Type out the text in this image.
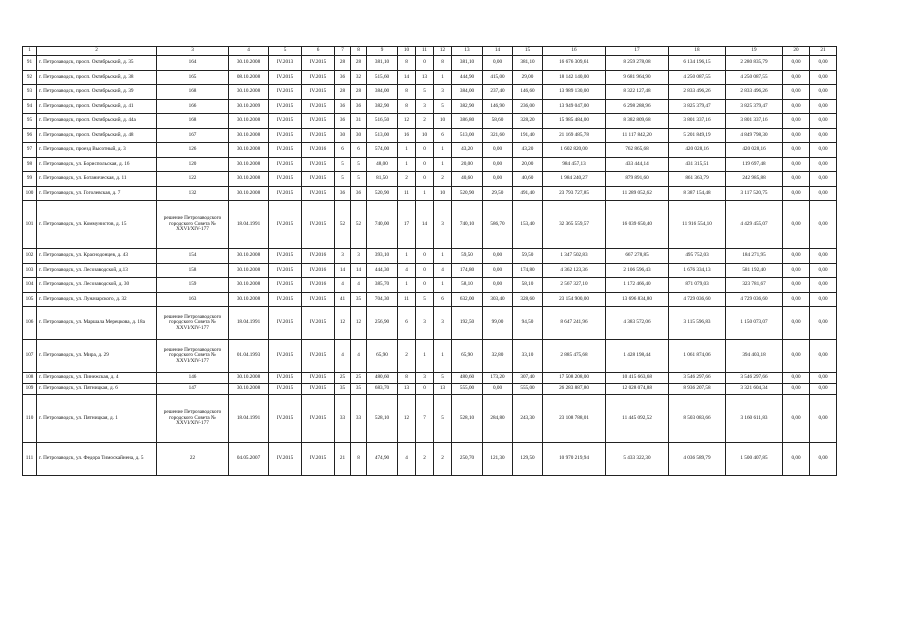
1	2	3	4	5	6	7	8	9	10	11	12	13	14	15	16	17	18	19	20	21
91	г. Петрозаводск, просп. Октябрьский, д. 35	164	30.10.2008	IV.2013	IV.2015	28	28	381,10	8	0	8	381,10	0,00	381,10	16 676 309,61	8 259 278,08	6 134 196,15	2 280 835,79	0,00	0,00
92	г. Петрозаводск, просп. Октябрьский, д. 38	165	08.10.2008	IV.2015	IV.2015	36	32	515,60	14	13	1	444,90	415,00	29,00	18 142 140,00	9 681 964,90	4 250 087,55	4 250 087,55	0,00	0,00
93	г. Петрозаводск, просп. Октябрьский, д. 39	168	30.10.2008	IV.2015	IV.2015	28	28	384,00	8	5	3	384,00	237,40	146,60	13 989 130,00	8 322 127,48	2 833 496,26	2 833 496,26	0,00	0,00
94	г. Петрозаводск, просп. Октябрьский, д. 41	166	30.10.2009	IV.2015	IV.2015	36	36	382,90	8	3	5	382,90	146,90	236,00	13 949 047,00	6 298 288,96	3 825 379,47	3 825 379,47	0,00	0,00
95	г. Петрозаводск, просп. Октябрьский, д. 44а	168	30.10.2008	IV.2015	IV.2015	36	31	516,50	12	2	10	386,80	58,60	328,20	15 985 484,00	8 382 809,68	3 801 337,16	3 801 337,16	0,00	0,00
96	г. Петрозаводск, просп. Октябрьский, д. 48	167	30.10.2008	IV.2015	IV.2015	30	30	513,00	16	10	6	513,00	321,60	191,40	21 169 485,78	11 117 842,20	5 201 849,19	4 849 798,30	0,00	0,00
97	г. Петрозаводск, проезд Высотный, д. 3	126	30.10.2008	IV.2015	IV.2016	6	6	574,00	1	0	1	43,20	0,00	43,20	1 602 820,00	762 865,68	420 028,16	420 028,16	0,00	0,00
98	г. Петрозаводск, ул. Бориспольская, д. 16	120	30.10.2008	IV.2015	IV.2015	5	5	48,00	1	0	1	20,00	0,00	20,00	984 457,13	433 444,14	431 315,51	119 697,48	0,00	0,00
99	г. Петрозаводск, ул. Ботаническая, д. 11	122	30.10.2008	IV.2015	IV.2015	5	5	81,50	2	0	2	40,60	0,00	40,60	1 984 240,27	879 891,60	861 363,79	242 985,88	0,00	0,00
100	г. Петрозаводск, ул. Гоголевская, д. 7	132	30.10.2008	IV.2015	IV.2015	36	36	520,90	11	1	10	520,90	29,50	491,40	23 793 727,85	11 289 052,62	8 387 154,48	3 117 520,75	0,00	0,00
101	г. Петрозаводск, ул. Коммунистов, д. 15	решение Петрозаводского городского Совета № XXVI/XIV-177	18.04.1991	IV.2015	IV.2015	52	52	740,00	17	14	3	740,10	586,70	153,40	32 365 559,57	16 039 650,40	11 916 554,10	4 429 455,07	0,00	0,00
102	г. Петрозаводск, ул. Краснодонцев, д. 43	154	30.10.2008	IV.2015	IV.2016	3	3	393,10	1	0	1	59,50	0,00	59,50	1 347 502,83	667 278,85	495 752,03	184 271,95	0,00	0,00
103	г. Петрозаводск, ул. Лесозаводской, д.13	158	30.10.2008	IV.2015	IV.2016	14	14	444,30	4	0	4	174,80	0,00	174,80	4 362 123,36	2 106 596,43	1 676 334,13	581 192,40	0,00	0,00
104	г. Петрозаводск, ул. Лесозаводской, д. 30	159	30.10.2008	IV.2015	IV.2016	4	4	385,70	1	0	1	58,10	0,00	58,10	2 567 327,10	1 172 466,40	871 079,03	323 781,67	0,00	0,00
105	г. Петрозаводск, ул. Луначарского, д. 32	163	30.10.2008	IV.2015	IV.2015	41	35	704,30	11	5	6	632,00	303,40	328,60	23 154 900,00	13 696 834,80	4 729 036,60	4 729 036,60	0,00	0,00
106	г. Петрозаводск, ул. Маршала Мерецкова, д. 18а	решение Петрозаводского городского Совета № XXVI/XIV-177	18.04.1991	IV.2015	IV.2015	12	12	256,90	6	3	3	192,50	99,00	94,50	8 647 241,96	4 383 572,06	3 115 596,83	1 150 073,07	0,00	0,00
107	г. Петрозаводск, ул. Мира, д. 29	решение Петрозаводского городского Совета № XXVI/XIV-177	01.04.1993	IV.2015	IV.2015	4	4	65,90	2	1	1	65,90	32,80	33,10	2 885 475,68	1 428 198,44	1 061 874,06	394 403,18	0,00	0,00
108	г. Петрозаводск, ул. Пинежская, д. 4	146	30.10.2008	IV.2015	IV.2015	25	25	480,60	8	3	5	480,60	173,20	307,40	17 508 208,00	10 415 663,68	3 546 297,66	3 546 297,66	0,00	0,00
109	г. Петрозаводск, ул. Пятницкая, д. 6	147	30.10.2008	IV.2015	IV.2015	35	35	683,70	13	0	13	555,00	0,00	555,00	26 283 887,80	12 028 074,88	8 936 207,58	3 321 604,34	0,00	0,00
110	г. Петрозаводск, ул. Пятницкая, д. 1	решение Петрозаводского городского Совета № XXVI/XIV-177	18.04.1991	IV.2015	IV.2015	33	33	528,10	12	7	5	528,10	284,80	243,30	23 108 788,01	11 445 092,52	8 503 083,66	3 160 611,83	0,00	0,00
111	г. Петрозаводск, ул. Федора Тимоскайнена, д. 5	22	04.05.2007	IV.2015	IV.2015	21	8	474,90	4	2	2	250,70	121,30	129,50	10 970 219,94	5 433 322,30	4 036 589,79	1 500 407,85	0,00	0,00
